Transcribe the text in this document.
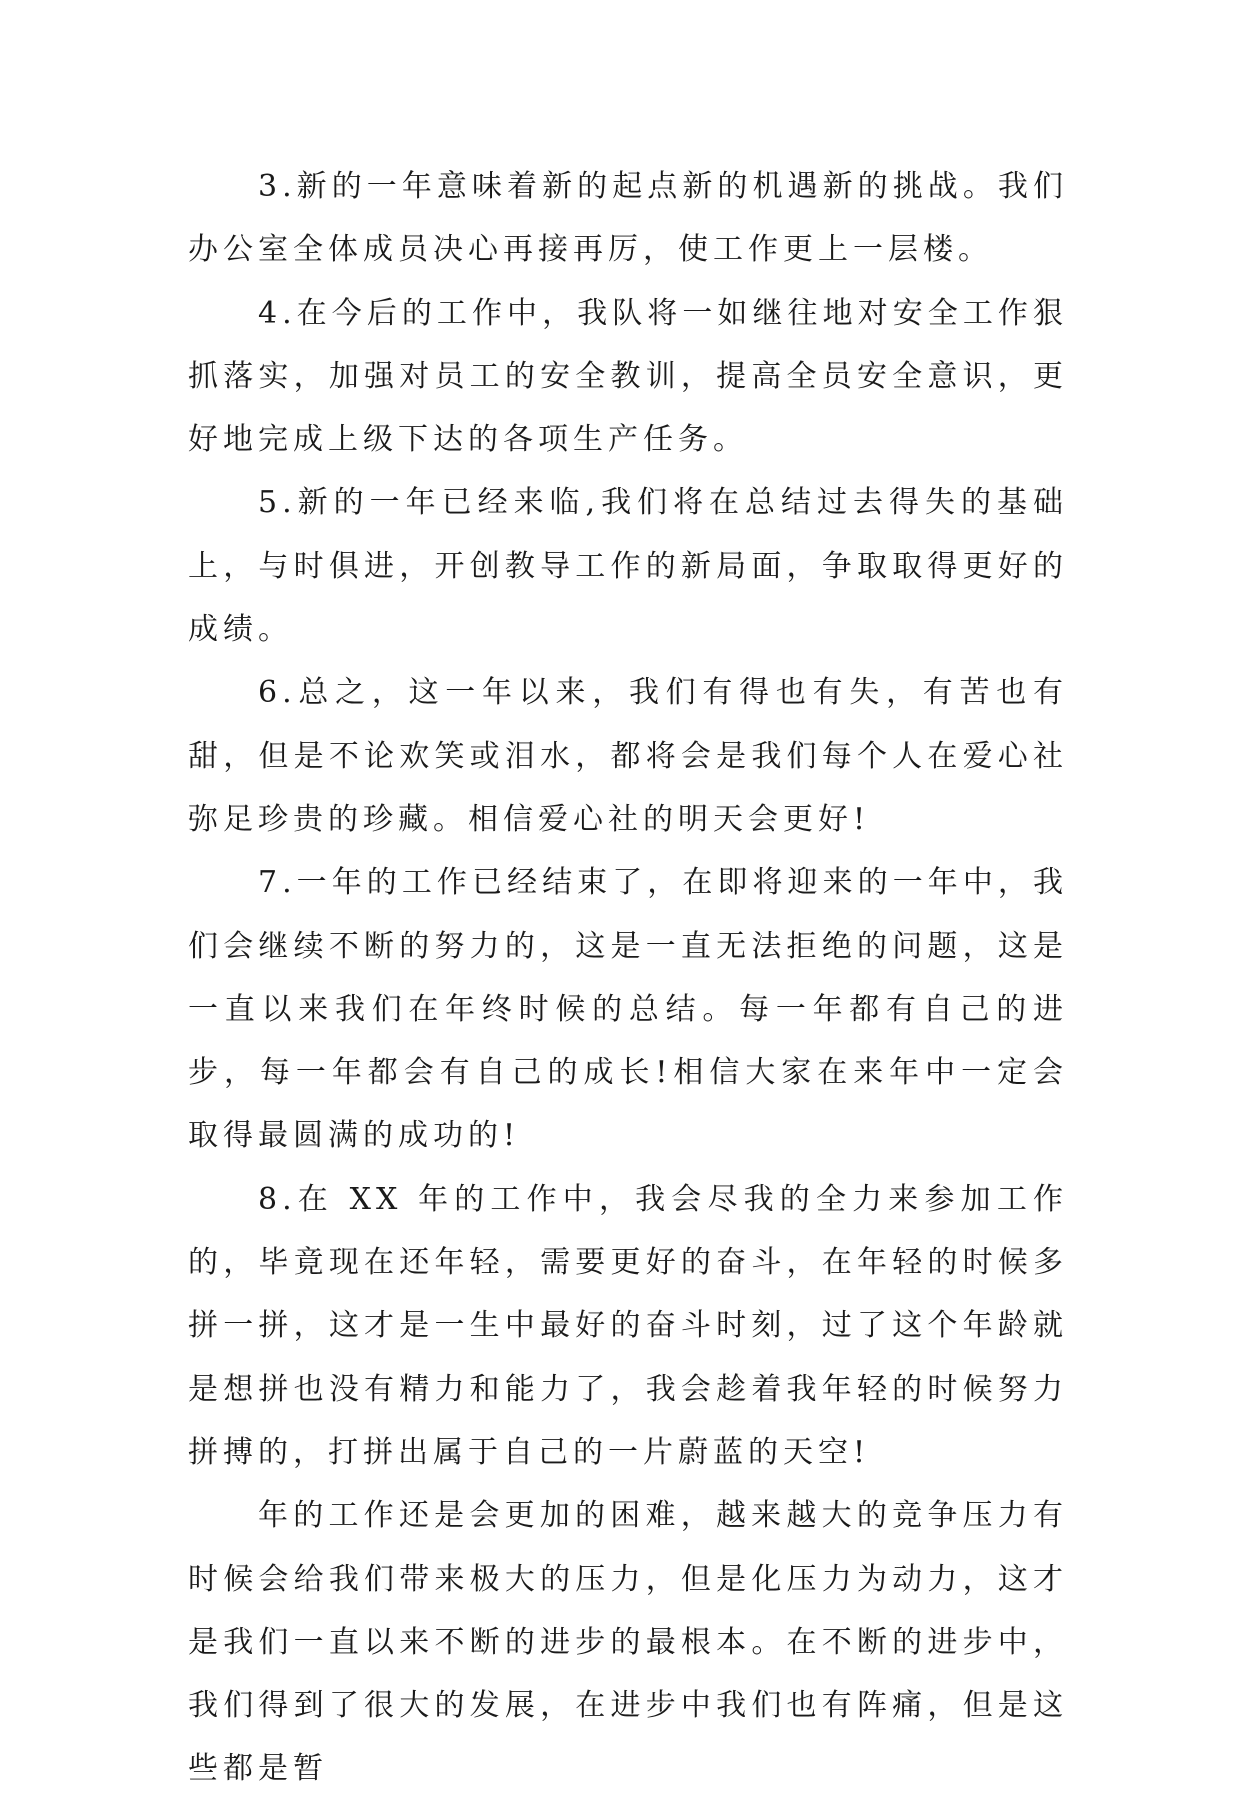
3.新的一年意味着新的起点新的机遇新的挑战。我们办公室全体成员决心再接再厉，使工作更上一层楼。

4.在今后的工作中，我队将一如继往地对安全工作狠抓落实，加强对员工的安全教训，提高全员安全意识，更好地完成上级下达的各项生产任务。

5.新的一年已经来临,我们将在总结过去得失的基础上，与时俱进，开创教导工作的新局面，争取取得更好的成绩。

6.总之，这一年以来，我们有得也有失，有苦也有甜，但是不论欢笑或泪水，都将会是我们每个人在爱心社弥足珍贵的珍藏。相信爱心社的明天会更好!

7.一年的工作已经结束了，在即将迎来的一年中，我们会继续不断的努力的，这是一直无法拒绝的问题，这是一直以来我们在年终时候的总结。每一年都有自己的进步，每一年都会有自己的成长!相信大家在来年中一定会取得最圆满的成功的!

8.在 XX 年的工作中，我会尽我的全力来参加工作的，毕竟现在还年轻，需要更好的奋斗，在年轻的时候多拼一拼，这才是一生中最好的奋斗时刻，过了这个年龄就是想拼也没有精力和能力了，我会趁着我年轻的时候努力拼搏的，打拼出属于自己的一片蔚蓝的天空!

年的工作还是会更加的困难，越来越大的竞争压力有时候会给我们带来极大的压力，但是化压力为动力，这才是我们一直以来不断的进步的最根本。在不断的进步中，我们得到了很大的发展，在进步中我们也有阵痛，但是这些都是暂
